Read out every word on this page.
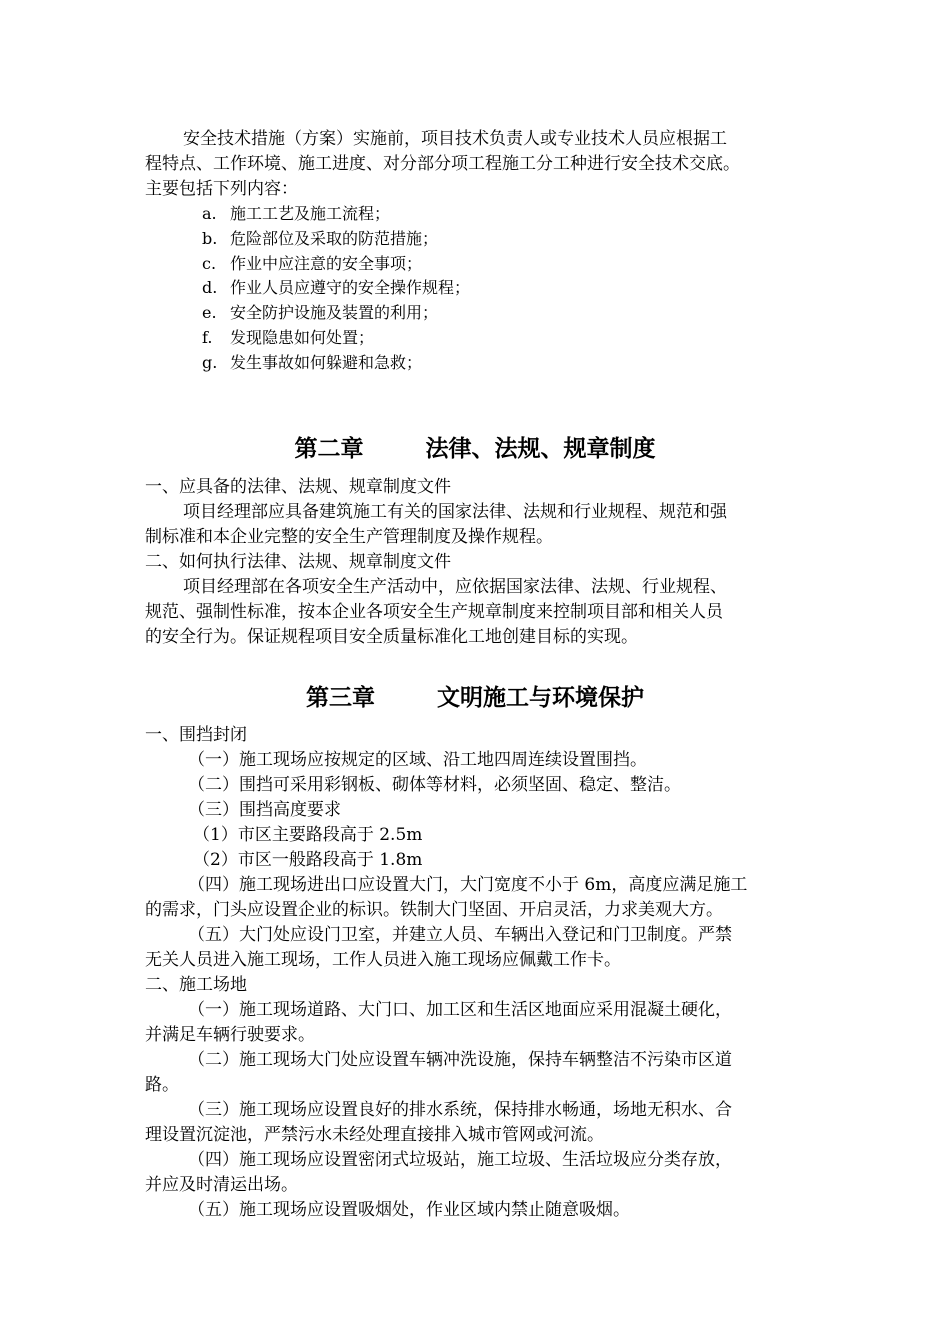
安全技术措施（方案）实施前，项目技术负责人或专业技术人员应根据工
程特点、工作环境、施工进度、对分部分项工程施工分工种进行安全技术交底。
主要包括下列内容：
a. 施工工艺及施工流程；
b. 危险部位及采取的防范措施；
c. 作业中应注意的安全事项；
d. 作业人员应遵守的安全操作规程；
e. 安全防护设施及装置的利用；
f. 发现隐患如何处置；
g. 发生事故如何躲避和急救；
第二章	法律、法规、规章制度
一、应具备的法律、法规、规章制度文件
项目经理部应具备建筑施工有关的国家法律、法规和行业规程、规范和强
制标准和本企业完整的安全生产管理制度及操作规程。
二、如何执行法律、法规、规章制度文件
项目经理部在各项安全生产活动中，应依据国家法律、法规、行业规程、
规范、强制性标准，按本企业各项安全生产规章制度来控制项目部和相关人员
的安全行为。保证规程项目安全质量标准化工地创建目标的实现。
第三章	文明施工与环境保护
一、围挡封闭
（一）施工现场应按规定的区域、沿工地四周连续设置围挡。
（二）围挡可采用彩钢板、砌体等材料，必须坚固、稳定、整洁。
（三）围挡高度要求
（1）市区主要路段高于 2.5m
（2）市区一般路段高于 1.8m
（四）施工现场进出口应设置大门，大门宽度不小于 6m，高度应满足施工
的需求，门头应设置企业的标识。铁制大门坚固、开启灵活，力求美观大方。
（五）大门处应设门卫室，并建立人员、车辆出入登记和门卫制度。严禁
无关人员进入施工现场，工作人员进入施工现场应佩戴工作卡。
二、施工场地
（一）施工现场道路、大门口、加工区和生活区地面应采用混凝土硬化，
并满足车辆行驶要求。
（二）施工现场大门处应设置车辆冲洗设施，保持车辆整洁不污染市区道
路。
（三）施工现场应设置良好的排水系统，保持排水畅通，场地无积水、合
理设置沉淀池，严禁污水未经处理直接排入城市管网或河流。
（四）施工现场应设置密闭式垃圾站，施工垃圾、生活垃圾应分类存放，
并应及时清运出场。
（五）施工现场应设置吸烟处，作业区域内禁止随意吸烟。
